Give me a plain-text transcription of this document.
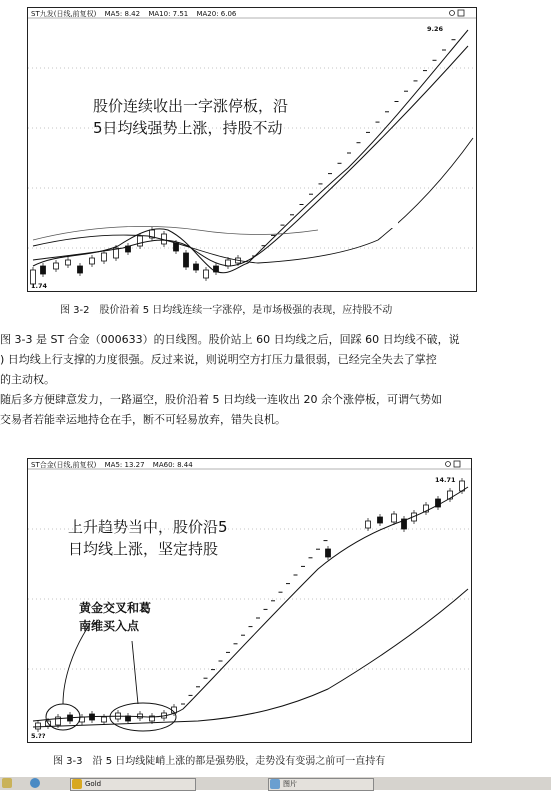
ST九发(日线,前复权) MA5: 8.42 MA10: 7.51 MA20: 6.06
9.26
1.74
股价连续收出一字涨停板，沿
5日均线强势上涨，持股不动
图 3-2　股价沿着 5 日均线连续一字涨停，是市场极强的表现，应持股不动
图 3-3 是 ST 合金（000633）的日线图。股价站上 60 日均线之后，回踩 60 日均线不破，说
) 日均线上行支撑的力度很强。反过来说，则说明空方打压力量很弱，已经完全失去了掌控
的主动权。
随后多方便肆意发力，一路逼空，股价沿着 5 日均线一连收出 20 余个涨停板，可谓气势如
交易者若能幸运地持仓在手，断不可轻易放弃，错失良机。
ST合金(日线,前复权) MA5: 13.27 MA60: 8.44
14.71
5.??
上升趋势当中，股价沿5
日均线上涨，坚定持股
黄金交叉和葛
南维买入点
图 3-3　沿 5 日均线陡峭上涨的都是强势股，走势没有变弱之前可一直持有
Gold	图片
